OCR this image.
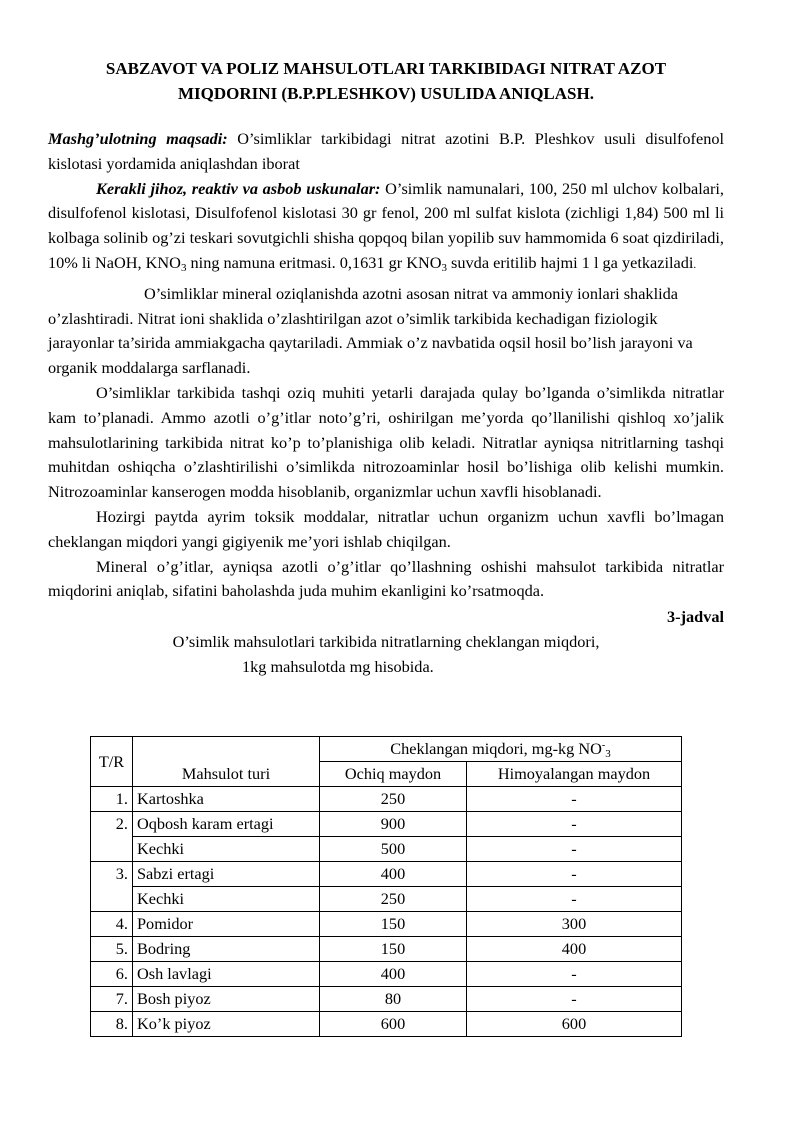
SABZAVOT VA POLIZ MAHSULOTLARI TARKIBIDAGI NITRAT AZOT
MIQDORINI (B.P.PLESHKOV) USULIDA ANIQLASH.

Mashg’ulotning maqsadi: O’simliklar tarkibidagi nitrat azotini B.P. Pleshkov usuli disulfofenol kislotasi yordamida aniqlashdan iborat

Kerakli jihoz, reaktiv va asbob uskunalar: O’simlik namunalari, 100, 250 ml ulchov kolbalari, disulfofenol kislotasi, Disulfofenol kislotasi 30 gr fenol, 200 ml sulfat kislota (zichligi 1,84) 500 ml li kolbaga solinib og’zi teskari sovutgichli shisha qopqoq bilan yopilib suv hammomida 6 soat qizdiriladi, 10% li NaOH, $KNO_3$ ning namuna eritmasi. 0,1631 gr $KNO_3$ suvda eritilib hajmi 1 l ga yetkaziladi.

O’simliklar mineral oziqlanishda azotni asosan nitrat va ammoniy ionlari shaklida o’zlashtiradi. Nitrat ioni shaklida o’zlashtirilgan azot o’simlik tarkibida kechadigan fiziologik jarayonlar ta’sirida ammiakgacha qaytariladi. Ammiak o’z navbatida oqsil hosil bo’lish jarayoni va organik moddalarga sarflanadi.

O’simliklar tarkibida tashqi oziq muhiti yetarli darajada qulay bo’lganda o’simlikda nitratlar kam to’planadi. Ammo azotli o’g’itlar noto’g’ri, oshirilgan me’yorda qo’llanilishi qishloq xo’jalik mahsulotlarining tarkibida nitrat ko’p to’planishiga olib keladi. Nitratlar ayniqsa nitritlarning tashqi muhitdan oshiqcha o’zlashtirilishi o’simlikda nitrozoaminlar hosil bo’lishiga olib kelishi mumkin. Nitrozoaminlar kanserogen modda hisoblanib, organizmlar uchun xavfli hisoblanadi.

Hozirgi paytda ayrim toksik moddalar, nitratlar uchun organizm uchun xavfli bo’lmagan cheklangan miqdori yangi gigiyenik me’yori ishlab chiqilgan.

Mineral o’g’itlar, ayniqsa azotli o’g’itlar qo’llashning oshishi mahsulot tarkibida nitratlar miqdorini aniqlab, sifatini baholashda juda muhim ekanligini ko’rsatmoqda.

3-jadval
O’simlik mahsulotlari tarkibida nitratlarning cheklangan miqdori,
1kg mahsulotda mg hisobida.
T/R	Mahsulot turi	Cheklangan miqdori, mg-kg $NO^-_3$
		Ochiq maydon	Himoyalangan maydon
1.	Kartoshka	250	-
2.	Oqbosh karam ertagi	900	-
	Kechki	500	-
3.	Sabzi ertagi	400	-
	Kechki	250	-
4.	Pomidor	150	300
5.	Bodring	150	400
6.	Osh lavlagi	400	-
7.	Bosh piyoz	80	-
8.	Ko’k piyoz	600	600
